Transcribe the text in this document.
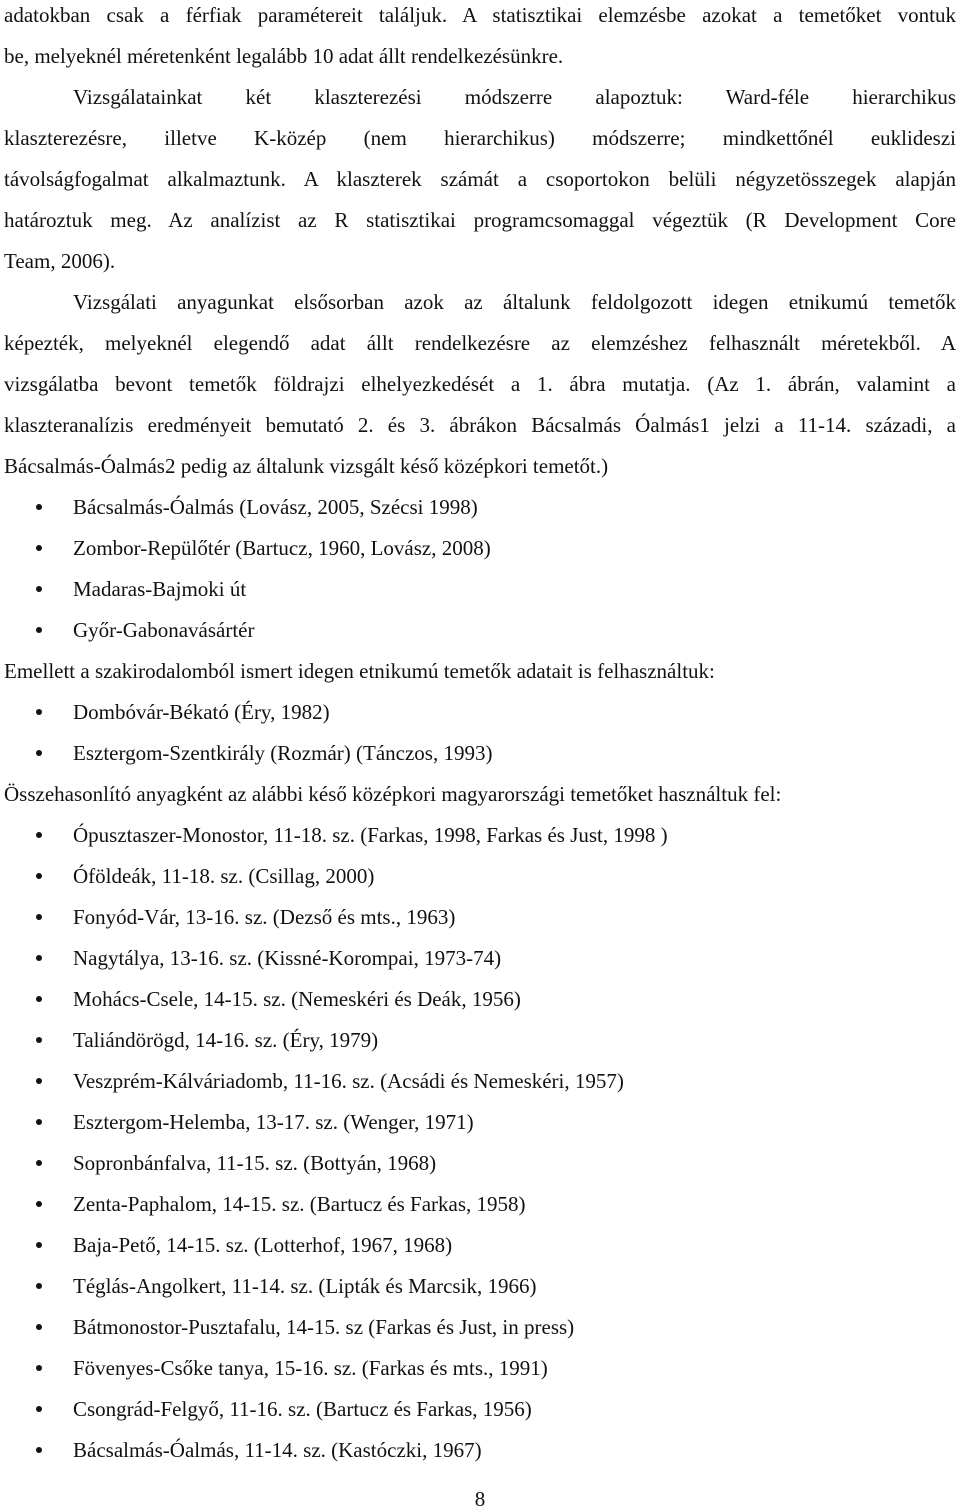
adatokban csak a férfiak paramétereit találjuk. A statisztikai elemzésbe azokat a temetőket vontuk
be, melyeknél méretenként legalább 10 adat állt rendelkezésünkre.
Vizsgálatainkat két klaszterezési módszerre alapoztuk: Ward-féle hierarchikus
klaszterezésre, illetve K-közép (nem hierarchikus) módszerre; mindkettőnél euklideszi
távolságfogalmat alkalmaztunk. A klaszterek számát a csoportokon belüli négyzetösszegek alapján
határoztuk meg. Az analízist az R statisztikai programcsomaggal végeztük (R Development Core
Team, 2006).
Vizsgálati anyagunkat elsősorban azok az általunk feldolgozott idegen etnikumú temetők
képezték, melyeknél elegendő adat állt rendelkezésre az elemzéshez felhasznált méretekből. A
vizsgálatba bevont temetők földrajzi elhelyezkedését a 1. ábra mutatja. (Az 1. ábrán, valamint a
klaszteranalízis eredményeit bemutató 2. és 3. ábrákon Bácsalmás Óalmás1 jelzi a 11-14. századi, a
Bácsalmás-Óalmás2 pedig az általunk vizsgált késő középkori temetőt.)
Bácsalmás-Óalmás (Lovász, 2005, Szécsi 1998)
Zombor-Repülőtér (Bartucz, 1960, Lovász, 2008)
Madaras-Bajmoki út
Győr-Gabonavásártér
Emellett a szakirodalomból ismert idegen etnikumú temetők adatait is felhasználtuk:
Dombóvár-Békató (Éry, 1982)
Esztergom-Szentkirály (Rozmár) (Tánczos, 1993)
Összehasonlító anyagként az alábbi késő középkori magyarországi temetőket használtuk fel:
Ópusztaszer-Monostor, 11-18. sz. (Farkas, 1998, Farkas és Just, 1998 )
Óföldeák, 11-18. sz. (Csillag, 2000)
Fonyód-Vár, 13-16. sz. (Dezső és mts., 1963)
Nagytálya, 13-16. sz. (Kissné-Korompai, 1973-74)
Mohács-Csele, 14-15. sz. (Nemeskéri és Deák, 1956)
Taliándörögd, 14-16. sz. (Éry, 1979)
Veszprém-Kálváriadomb, 11-16. sz. (Acsádi és Nemeskéri, 1957)
Esztergom-Helemba, 13-17. sz. (Wenger, 1971)
Sopronbánfalva, 11-15. sz. (Bottyán, 1968)
Zenta-Paphalom, 14-15. sz. (Bartucz és Farkas, 1958)
Baja-Pető, 14-15. sz. (Lotterhof, 1967, 1968)
Téglás-Angolkert, 11-14. sz. (Lipták és Marcsik, 1966)
Bátmonostor-Pusztafalu, 14-15. sz (Farkas és Just, in press)
Fövenyes-Csőke tanya, 15-16. sz. (Farkas és mts., 1991)
Csongrád-Felgyő, 11-16. sz. (Bartucz és Farkas, 1956)
Bácsalmás-Óalmás, 11-14. sz. (Kastóczki, 1967)
8
